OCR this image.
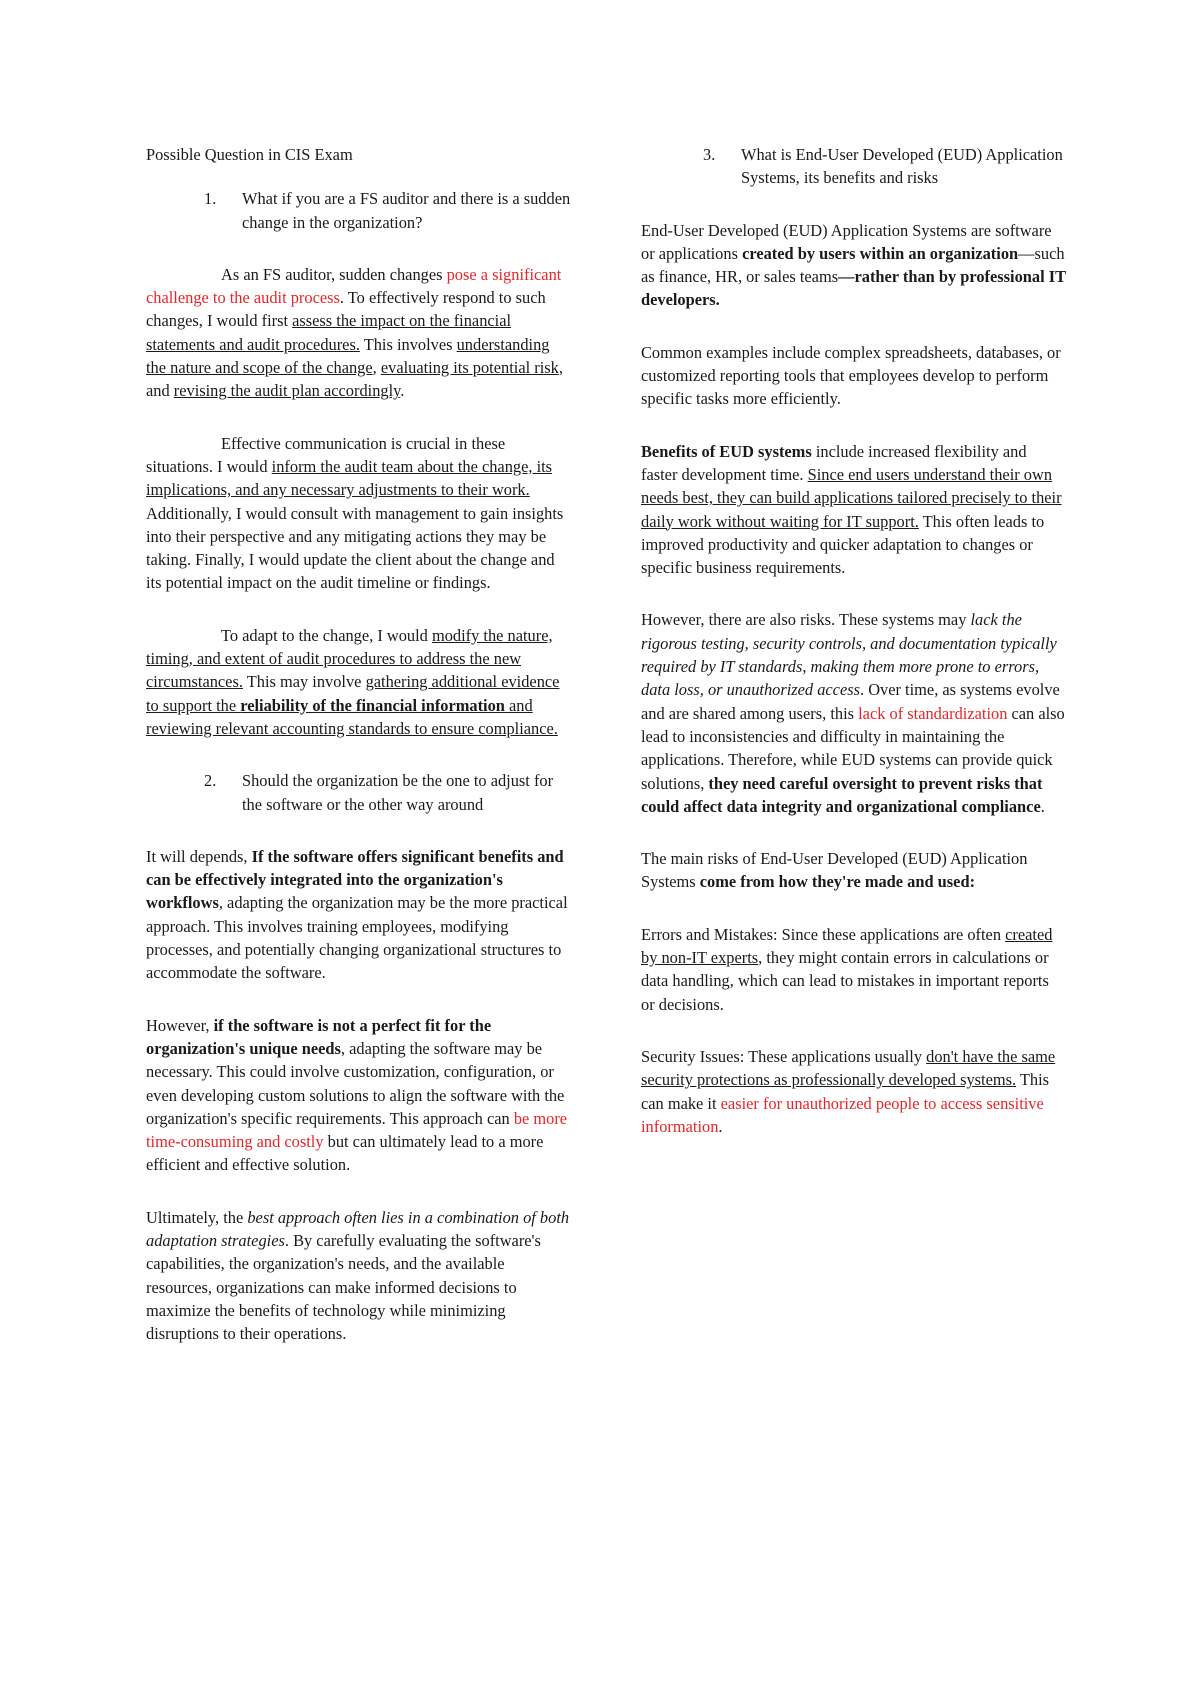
Possible Question in CIS Exam

1.	What if you are a FS auditor and there is a sudden change in the organization?

As an FS auditor, sudden changes pose a significant challenge to the audit process. To effectively respond to such changes, I would first assess the impact on the financial statements and audit procedures. This involves understanding the nature and scope of the change, evaluating its potential risk, and revising the audit plan accordingly.

Effective communication is crucial in these situations. I would inform the audit team about the change, its implications, and any necessary adjustments to their work. Additionally, I would consult with management to gain insights into their perspective and any mitigating actions they may be taking. Finally, I would update the client about the change and its potential impact on the audit timeline or findings.

To adapt to the change, I would modify the nature, timing, and extent of audit procedures to address the new circumstances. This may involve gathering additional evidence to support the reliability of the financial information and reviewing relevant accounting standards to ensure compliance.

2.	Should the organization be the one to adjust for the software or the other way around

It will depends, If the software offers significant benefits and can be effectively integrated into the organization's workflows, adapting the organization may be the more practical approach. This involves training employees, modifying processes, and potentially changing organizational structures to accommodate the software.

However, if the software is not a perfect fit for the organization's unique needs, adapting the software may be necessary. This could involve customization, configuration, or even developing custom solutions to align the software with the organization's specific requirements. This approach can be more time-consuming and costly but can ultimately lead to a more efficient and effective solution.

Ultimately, the best approach often lies in a combination of both adaptation strategies. By carefully evaluating the software's capabilities, the organization's needs, and the available resources, organizations can make informed decisions to maximize the benefits of technology while minimizing disruptions to their operations.

3.	What is End-User Developed (EUD) Application Systems, its benefits and risks

End-User Developed (EUD) Application Systems are software or applications created by users within an organization—such as finance, HR, or sales teams—rather than by professional IT developers.

Common examples include complex spreadsheets, databases, or customized reporting tools that employees develop to perform specific tasks more efficiently.

Benefits of EUD systems include increased flexibility and faster development time. Since end users understand their own needs best, they can build applications tailored precisely to their daily work without waiting for IT support. This often leads to improved productivity and quicker adaptation to changes or specific business requirements.

However, there are also risks. These systems may lack the rigorous testing, security controls, and documentation typically required by IT standards, making them more prone to errors, data loss, or unauthorized access. Over time, as systems evolve and are shared among users, this lack of standardization can also lead to inconsistencies and difficulty in maintaining the applications. Therefore, while EUD systems can provide quick solutions, they need careful oversight to prevent risks that could affect data integrity and organizational compliance.

The main risks of End-User Developed (EUD) Application Systems come from how they're made and used:

Errors and Mistakes: Since these applications are often created by non-IT experts, they might contain errors in calculations or data handling, which can lead to mistakes in important reports or decisions.

Security Issues: These applications usually don't have the same security protections as professionally developed systems. This can make it easier for unauthorized people to access sensitive information.
